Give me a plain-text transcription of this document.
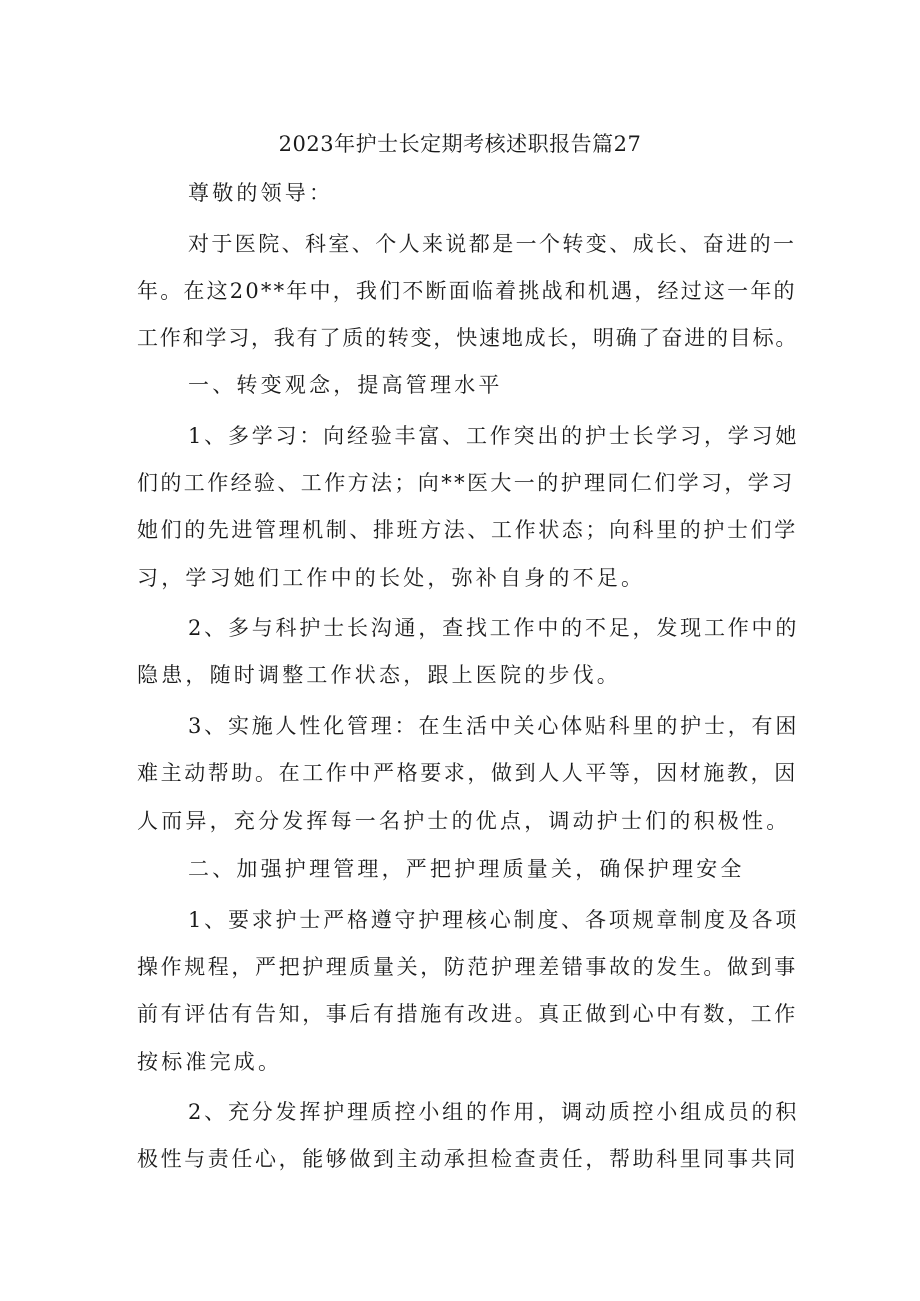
2023年护士长定期考核述职报告篇27
尊敬的领导：
对于医院、科室、个人来说都是一个转变、成长、奋进的一
年。在这20**年中，我们不断面临着挑战和机遇，经过这一年的
工作和学习，我有了质的转变，快速地成长，明确了奋进的目标。
一、转变观念，提高管理水平
1、多学习：向经验丰富、工作突出的护士长学习，学习她
们的工作经验、工作方法；向**医大一的护理同仁们学习，学习
她们的先进管理机制、排班方法、工作状态；向科里的护士们学
习，学习她们工作中的长处，弥补自身的不足。
2、多与科护士长沟通，查找工作中的不足，发现工作中的
隐患，随时调整工作状态，跟上医院的步伐。
3、实施人性化管理：在生活中关心体贴科里的护士，有困
难主动帮助。在工作中严格要求，做到人人平等，因材施教，因
人而异，充分发挥每一名护士的优点，调动护士们的积极性。
二、加强护理管理，严把护理质量关，确保护理安全
1、要求护士严格遵守护理核心制度、各项规章制度及各项
操作规程，严把护理质量关，防范护理差错事故的发生。做到事
前有评估有告知，事后有措施有改进。真正做到心中有数，工作
按标准完成。
2、充分发挥护理质控小组的作用，调动质控小组成员的积
极性与责任心，能够做到主动承担检查责任，帮助科里同事共同
